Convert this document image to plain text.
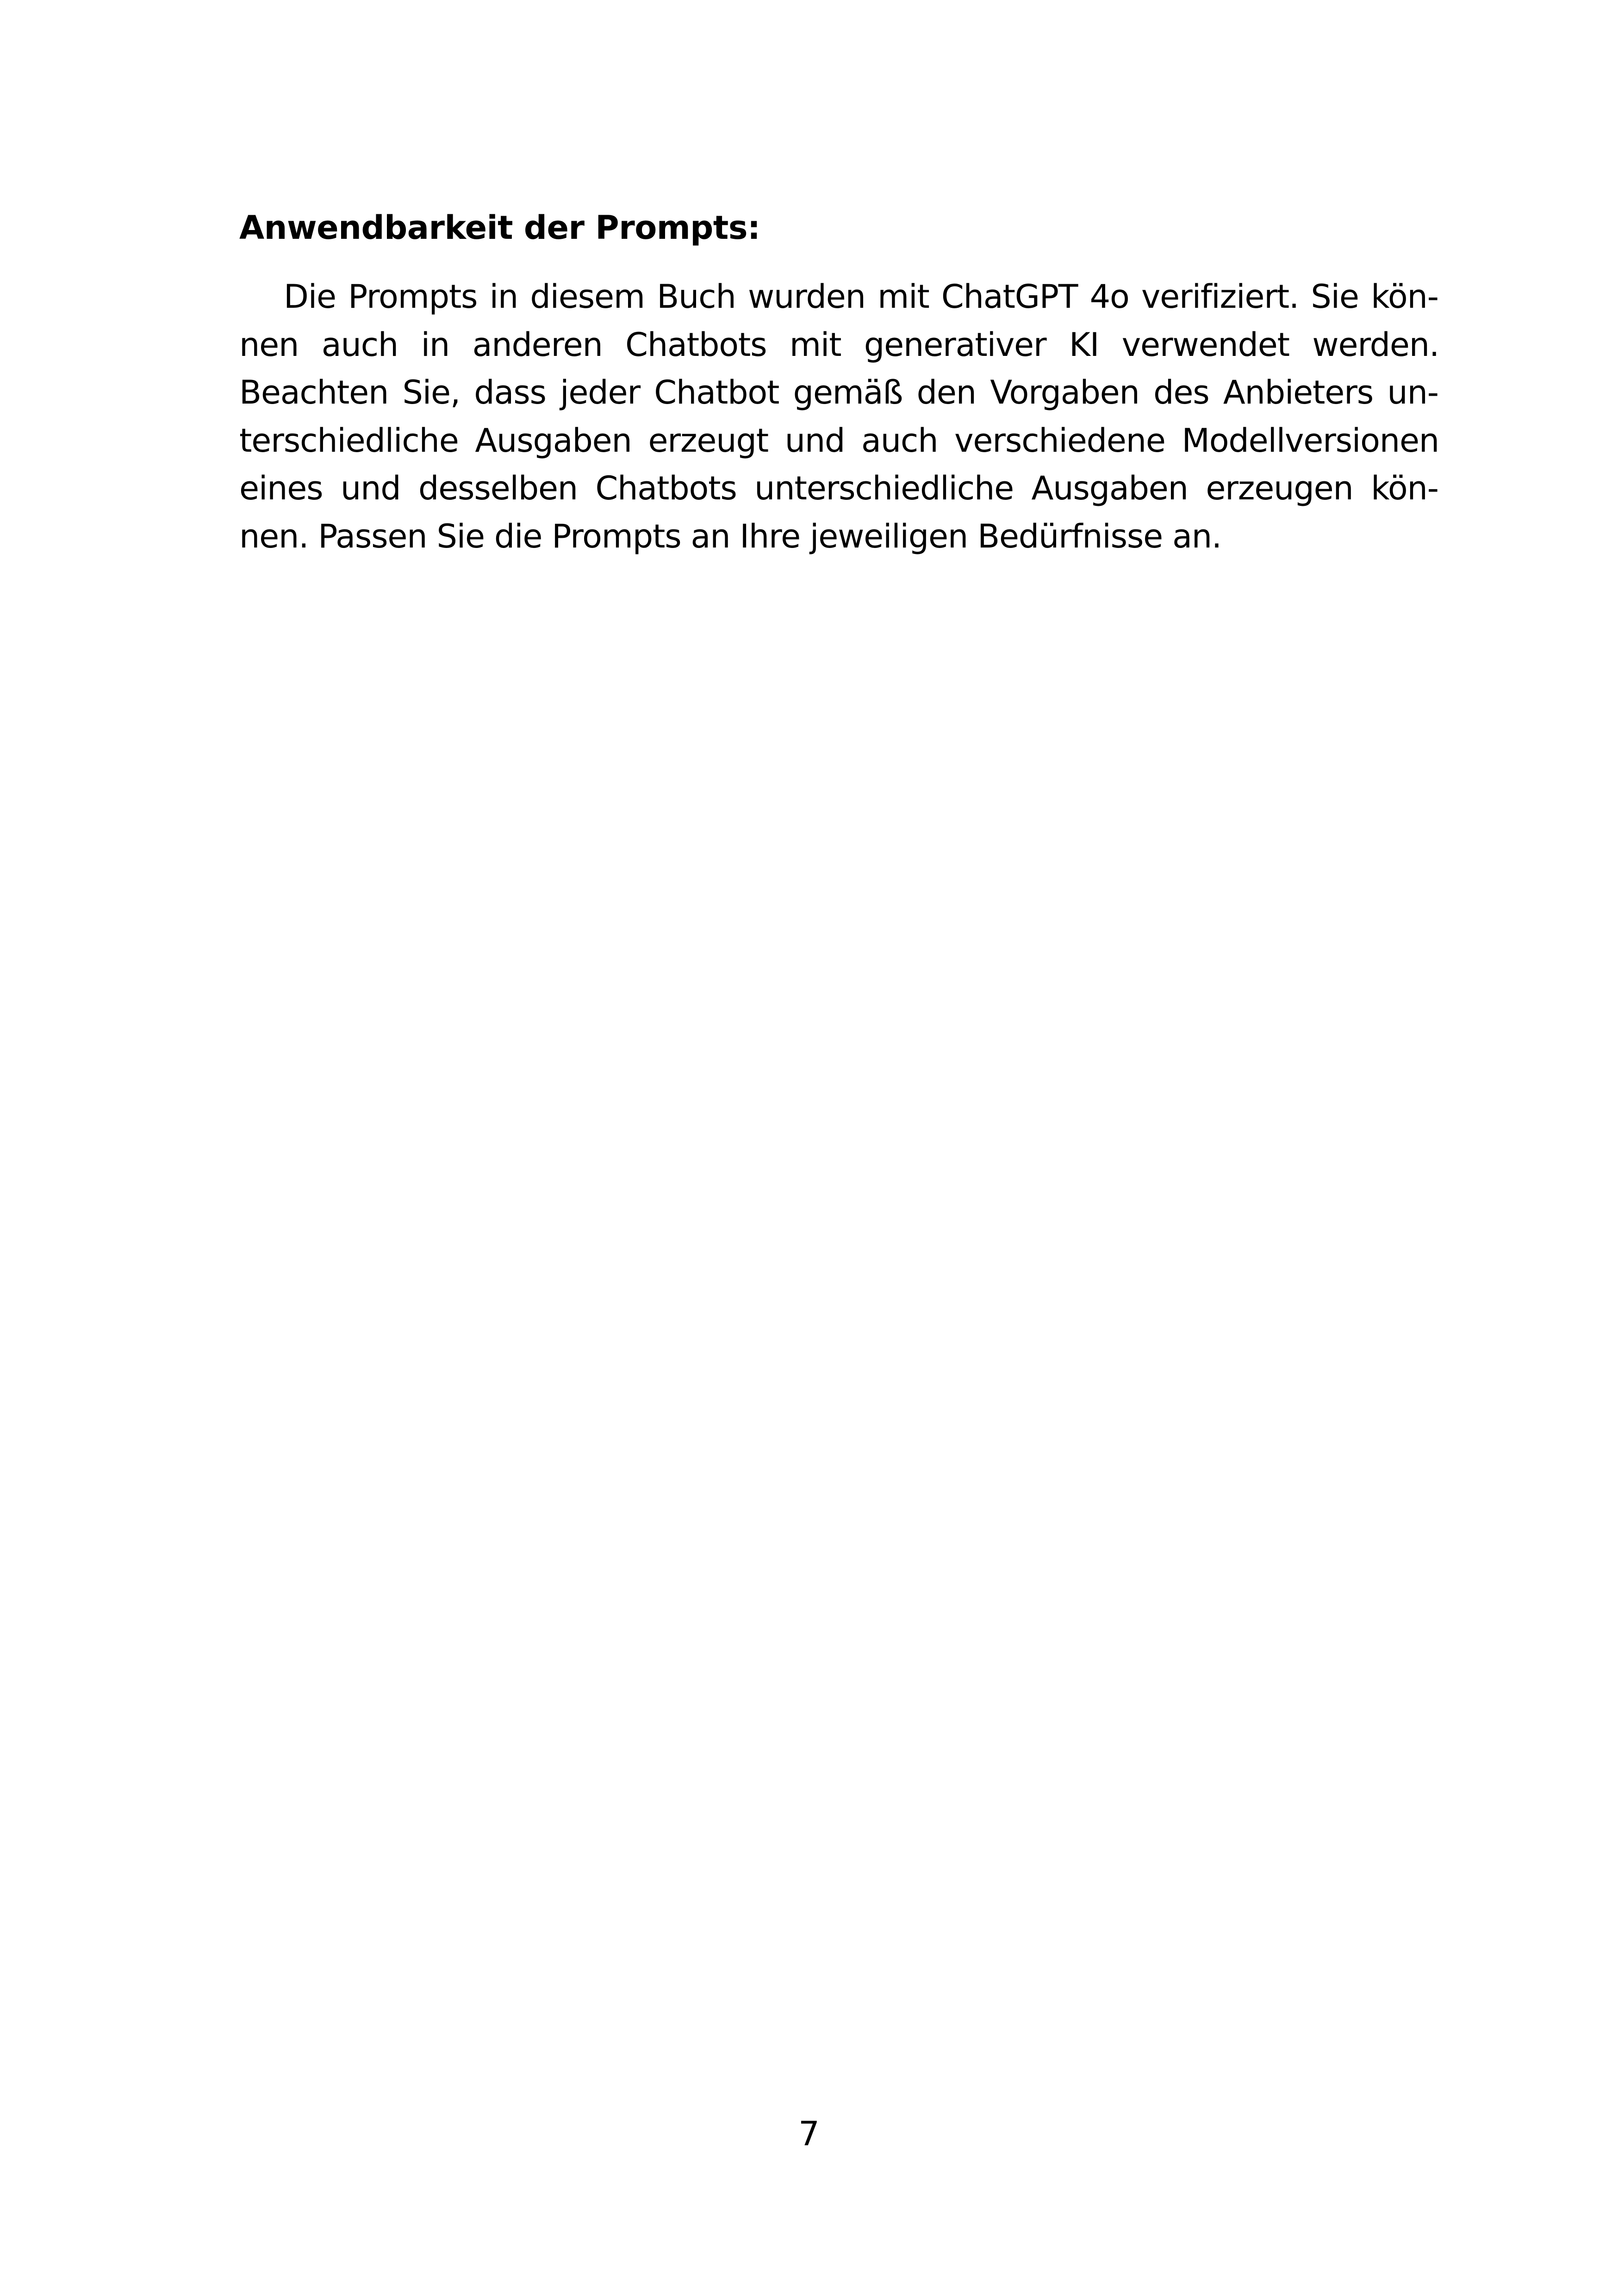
Anwendbarkeit der Prompts:

Die Prompts in diesem Buch wurden mit ChatGPT 4o verifiziert. Sie können auch in anderen Chatbots mit generativer KI verwendet werden. Beachten Sie, dass jeder Chatbot gemäß den Vorgaben des Anbieters unterschiedliche Ausgaben erzeugt und auch verschiedene Modellversionen eines und desselben Chatbots unterschiedliche Ausgaben erzeugen können. Passen Sie die Prompts an Ihre jeweiligen Bedürfnisse an.

7
